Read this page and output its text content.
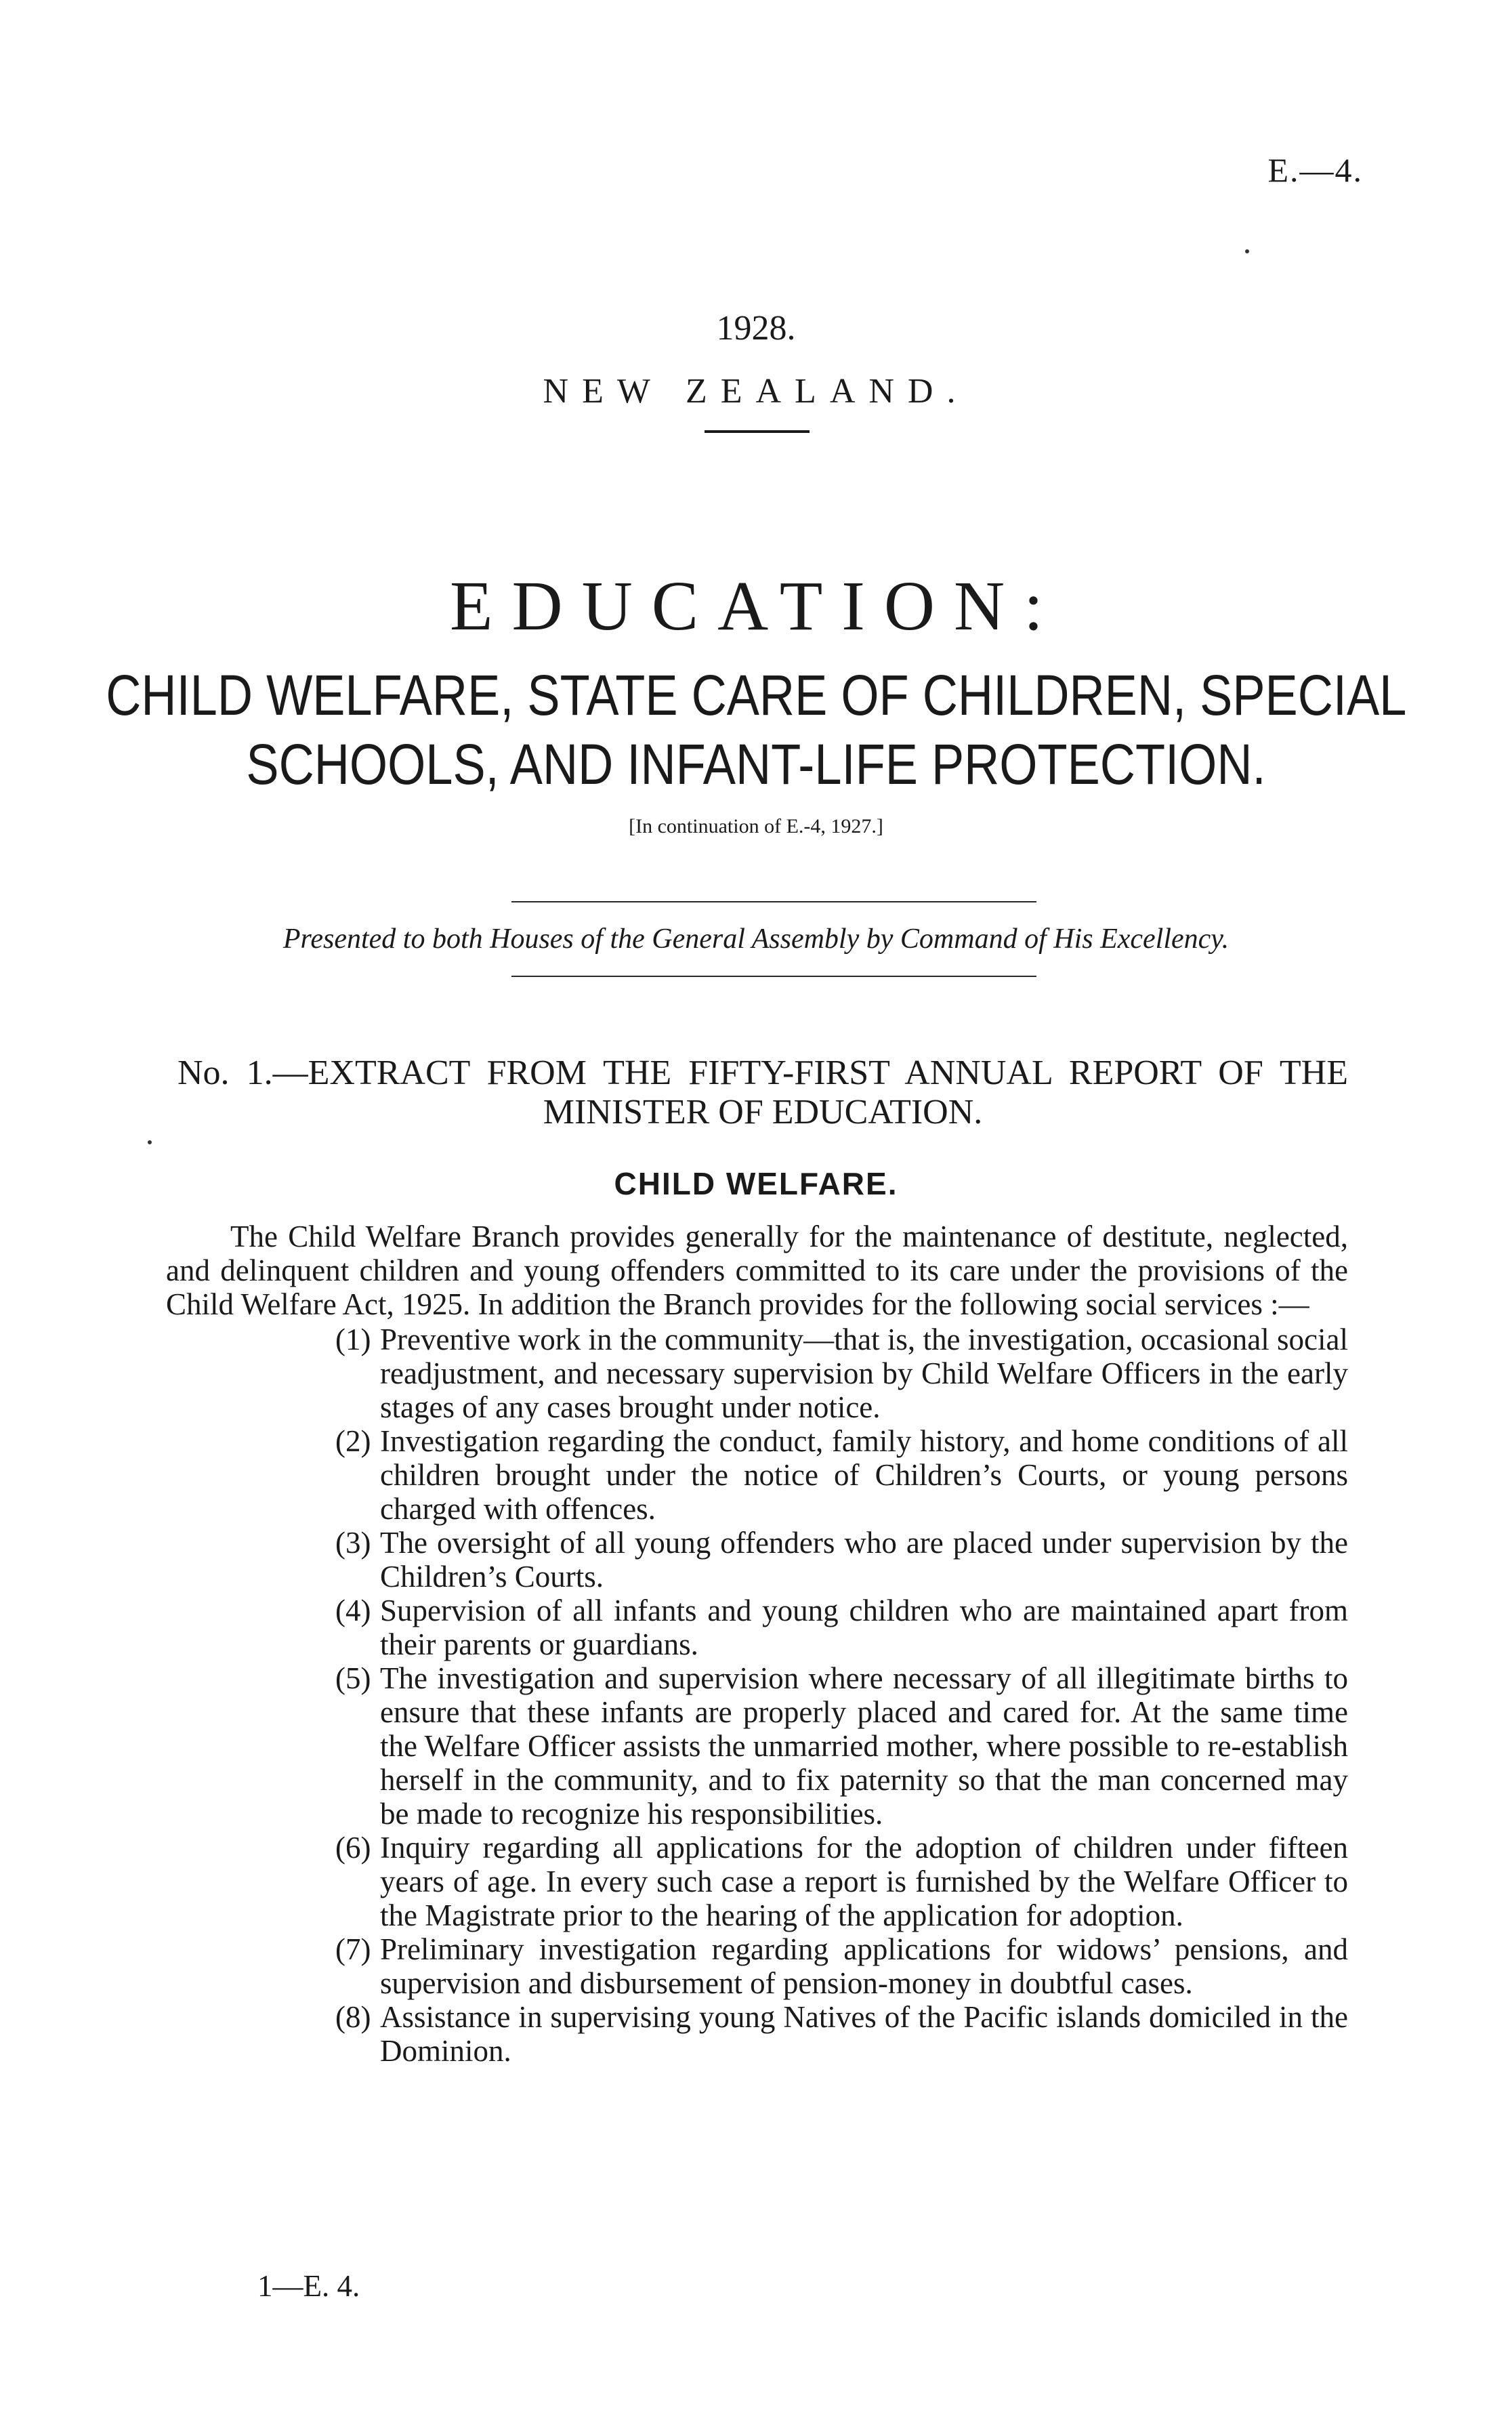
E.—4.
1928.
NEW ZEALAND.
EDUCATION:
CHILD WELFARE, STATE CARE OF CHILDREN, SPECIAL
SCHOOLS, AND INFANT-LIFE PROTECTION.
[In continuation of E.-4, 1927.]
Presented to both Houses of the General Assembly by Command of His Excellency.
No. 1.—EXTRACT FROM THE FIFTY-FIRST ANNUAL REPORT OF THE
MINISTER OF EDUCATION.
CHILD WELFARE.

The Child Welfare Branch provides generally for the maintenance of destitute, neglected, and delinquent children and young offenders committed to its care under the provisions of the Child Welfare Act, 1925. In addition the Branch provides for the following social services :—

(1) Preventive work in the community—that is, the investigation, occasional social readjustment, and necessary supervision by Child Welfare Officers in the early stages of any cases brought under notice.

(2) Investigation regarding the conduct, family history, and home conditions of all children brought under the notice of Children’s Courts, or young persons charged with offences.

(3) The oversight of all young offenders who are placed under supervision by the Children’s Courts.

(4) Supervision of all infants and young children who are maintained apart from their parents or guardians.

(5) The investigation and supervision where necessary of all illegitimate births to ensure that these infants are properly placed and cared for. At the same time the Welfare Officer assists the unmarried mother, where possible to re-establish herself in the community, and to fix paternity so that the man concerned may be made to recognize his responsibilities.

(6) Inquiry regarding all applications for the adoption of children under fifteen years of age. In every such case a report is furnished by the Welfare Officer to the Magistrate prior to the hearing of the application for adoption.

(7) Preliminary investigation regarding applications for widows’ pensions, and supervision and disbursement of pension-money in doubtful cases.

(8) Assistance in supervising young Natives of the Pacific islands domiciled in the Dominion.

1—E. 4.
